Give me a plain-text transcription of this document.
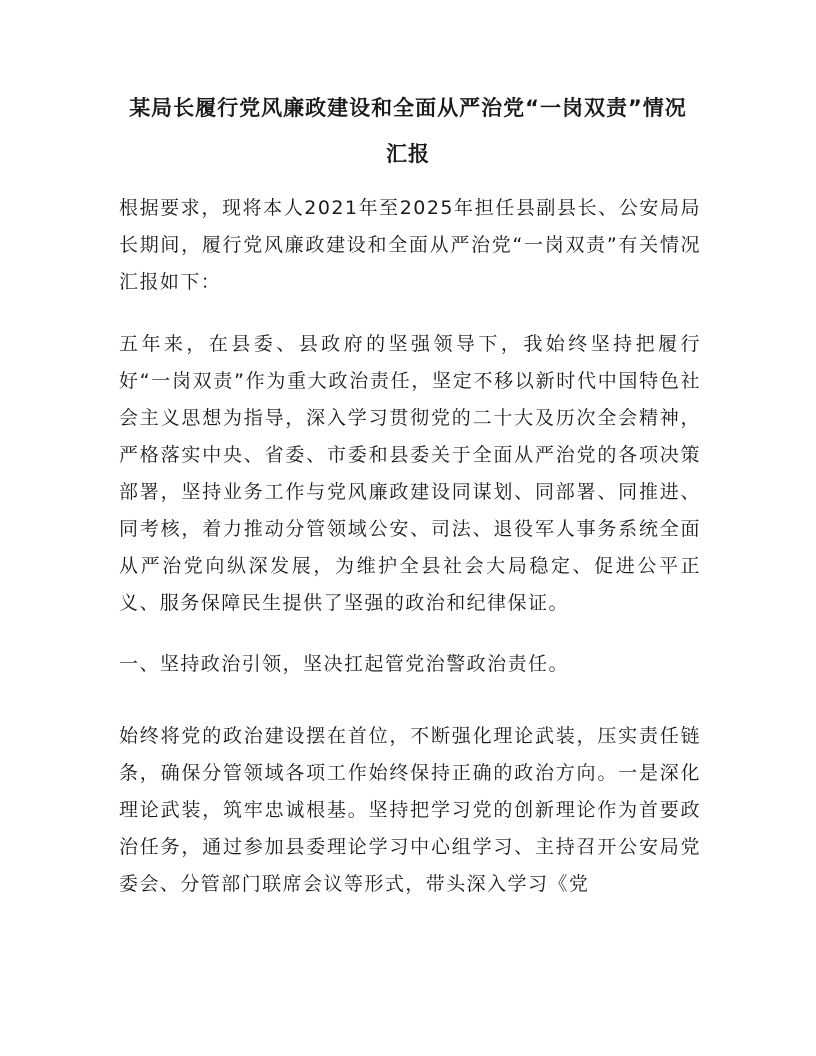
某局长履行党风廉政建设和全面从严治党“一岗双责”情况
汇报

根据要求，现将本人2021年至2025年担任县副县长、公安局局长期间，履行党风廉政建设和全面从严治党“一岗双责”有关情况汇报如下：

五年来，在县委、县政府的坚强领导下，我始终坚持把履行好“一岗双责”作为重大政治责任，坚定不移以新时代中国特色社会主义思想为指导，深入学习贯彻党的二十大及历次全会精神，严格落实中央、省委、市委和县委关于全面从严治党的各项决策部署，坚持业务工作与党风廉政建设同谋划、同部署、同推进、同考核，着力推动分管领域公安、司法、退役军人事务系统全面从严治党向纵深发展，为维护全县社会大局稳定、促进公平正义、服务保障民生提供了坚强的政治和纪律保证。

一、坚持政治引领，坚决扛起管党治警政治责任。

始终将党的政治建设摆在首位，不断强化理论武装，压实责任链条，确保分管领域各项工作始终保持正确的政治方向。一是深化理论武装，筑牢忠诚根基。坚持把学习党的创新理论作为首要政治任务，通过参加县委理论学习中心组学习、主持召开公安局党委会、分管部门联席会议等形式，带头深入学习《党
